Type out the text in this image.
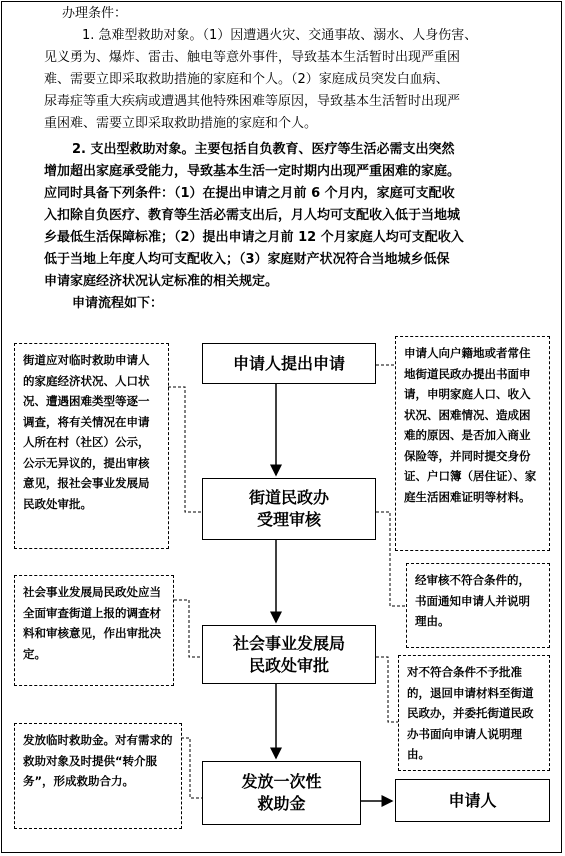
办理条件：
1. 急难型救助对象。（1）因遭遇火灾、交通事故、溺水、人身伤害、
见义勇为、爆炸、雷击、触电等意外事件，导致基本生活暂时出现严重困
难、需要立即采取救助措施的家庭和个人。（2）家庭成员突发白血病、
尿毒症等重大疾病或遭遇其他特殊困难等原因，导致基本生活暂时出现严
重困难、需要立即采取救助措施的家庭和个人。
2. 支出型救助对象。主要包括自负教育、医疗等生活必需支出突然
增加超出家庭承受能力，导致基本生活一定时期内出现严重困难的家庭。
应同时具备下列条件：（1）在提出申请之月前 6 个月内，家庭可支配收
入扣除自负医疗、教育等生活必需支出后，月人均可支配收入低于当地城
乡最低生活保障标准；（2）提出申请之月前 12 个月家庭人均可支配收入
低于当地上年度人均可支配收入；（3）家庭财产状况符合当地城乡低保
申请家庭经济状况认定标准的相关规定。
申请流程如下：
申请人提出申请
街道民政办
受理审核
社会事业发展局
民政处审批
发放一次性
救助金	申请人
街道应对临时救助申请人的家庭经济状况、人口状况、遭遇困难类型等逐一调查，将有关情况在申请人所在村（社区）公示，公示无异议的，提出审核意见，报社会事业发展局民政处审批。
申请人向户籍地或者常住地街道民政办提出书面申请，申明家庭人口、收入状况、困难情况、造成困难的原因、是否加入商业保险等，并同时提交身份证、户口簿（居住证）、家庭生活困难证明等材料。
经审核不符合条件的，书面通知申请人并说明理由。
社会事业发展局民政处应当全面审查街道上报的调查材料和审核意见，作出审批决定。
对不符合条件不予批准的，退回申请材料至街道民政办，并委托街道民政办书面向申请人说明理由。
发放临时救助金。对有需求的救助对象及时提供“转介服务”，形成救助合力。
